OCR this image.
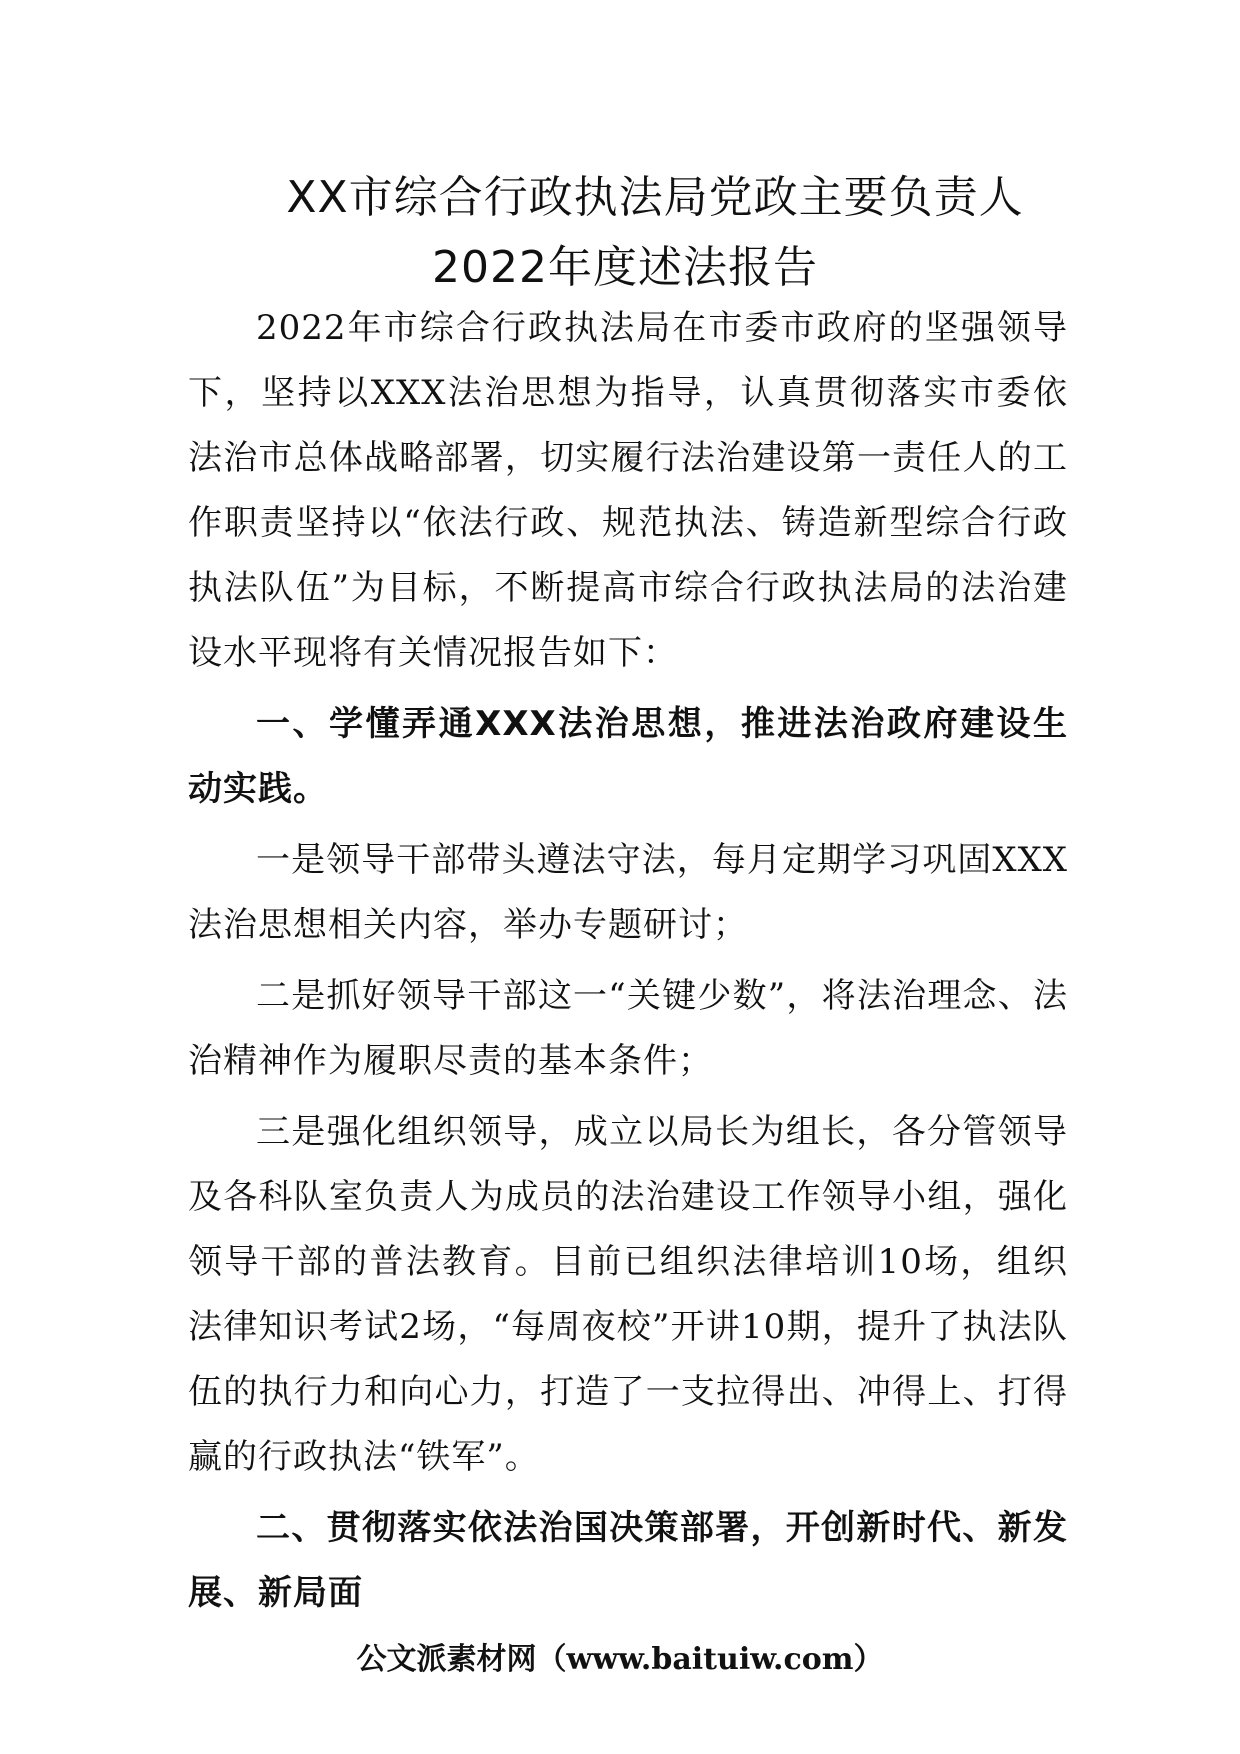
XX市综合行政执法局党政主要负责人
2022年度述法报告

2022年市综合行政执法局在市委市政府的坚强领导下，坚持以XXX法治思想为指导，认真贯彻落实市委依法治市总体战略部署，切实履行法治建设第一责任人的工作职责坚持以“依法行政、规范执法、铸造新型综合行政执法队伍”为目标，不断提高市综合行政执法局的法治建设水平现将有关情况报告如下：

一、学懂弄通XXX法治思想，推进法治政府建设生动实践。

一是领导干部带头遵法守法，每月定期学习巩固XXX法治思想相关内容，举办专题研讨；

二是抓好领导干部这一“关键少数”，将法治理念、法治精神作为履职尽责的基本条件；

三是强化组织领导，成立以局长为组长，各分管领导及各科队室负责人为成员的法治建设工作领导小组，强化领导干部的普法教育。目前已组织法律培训10场，组织法律知识考试2场，“每周夜校”开讲10期，提升了执法队伍的执行力和向心力，打造了一支拉得出、冲得上、打得赢的行政执法“铁军”。

二、贯彻落实依法治国决策部署，开创新时代、新发展、新局面

公文派素材网（www.baituiw.com）
